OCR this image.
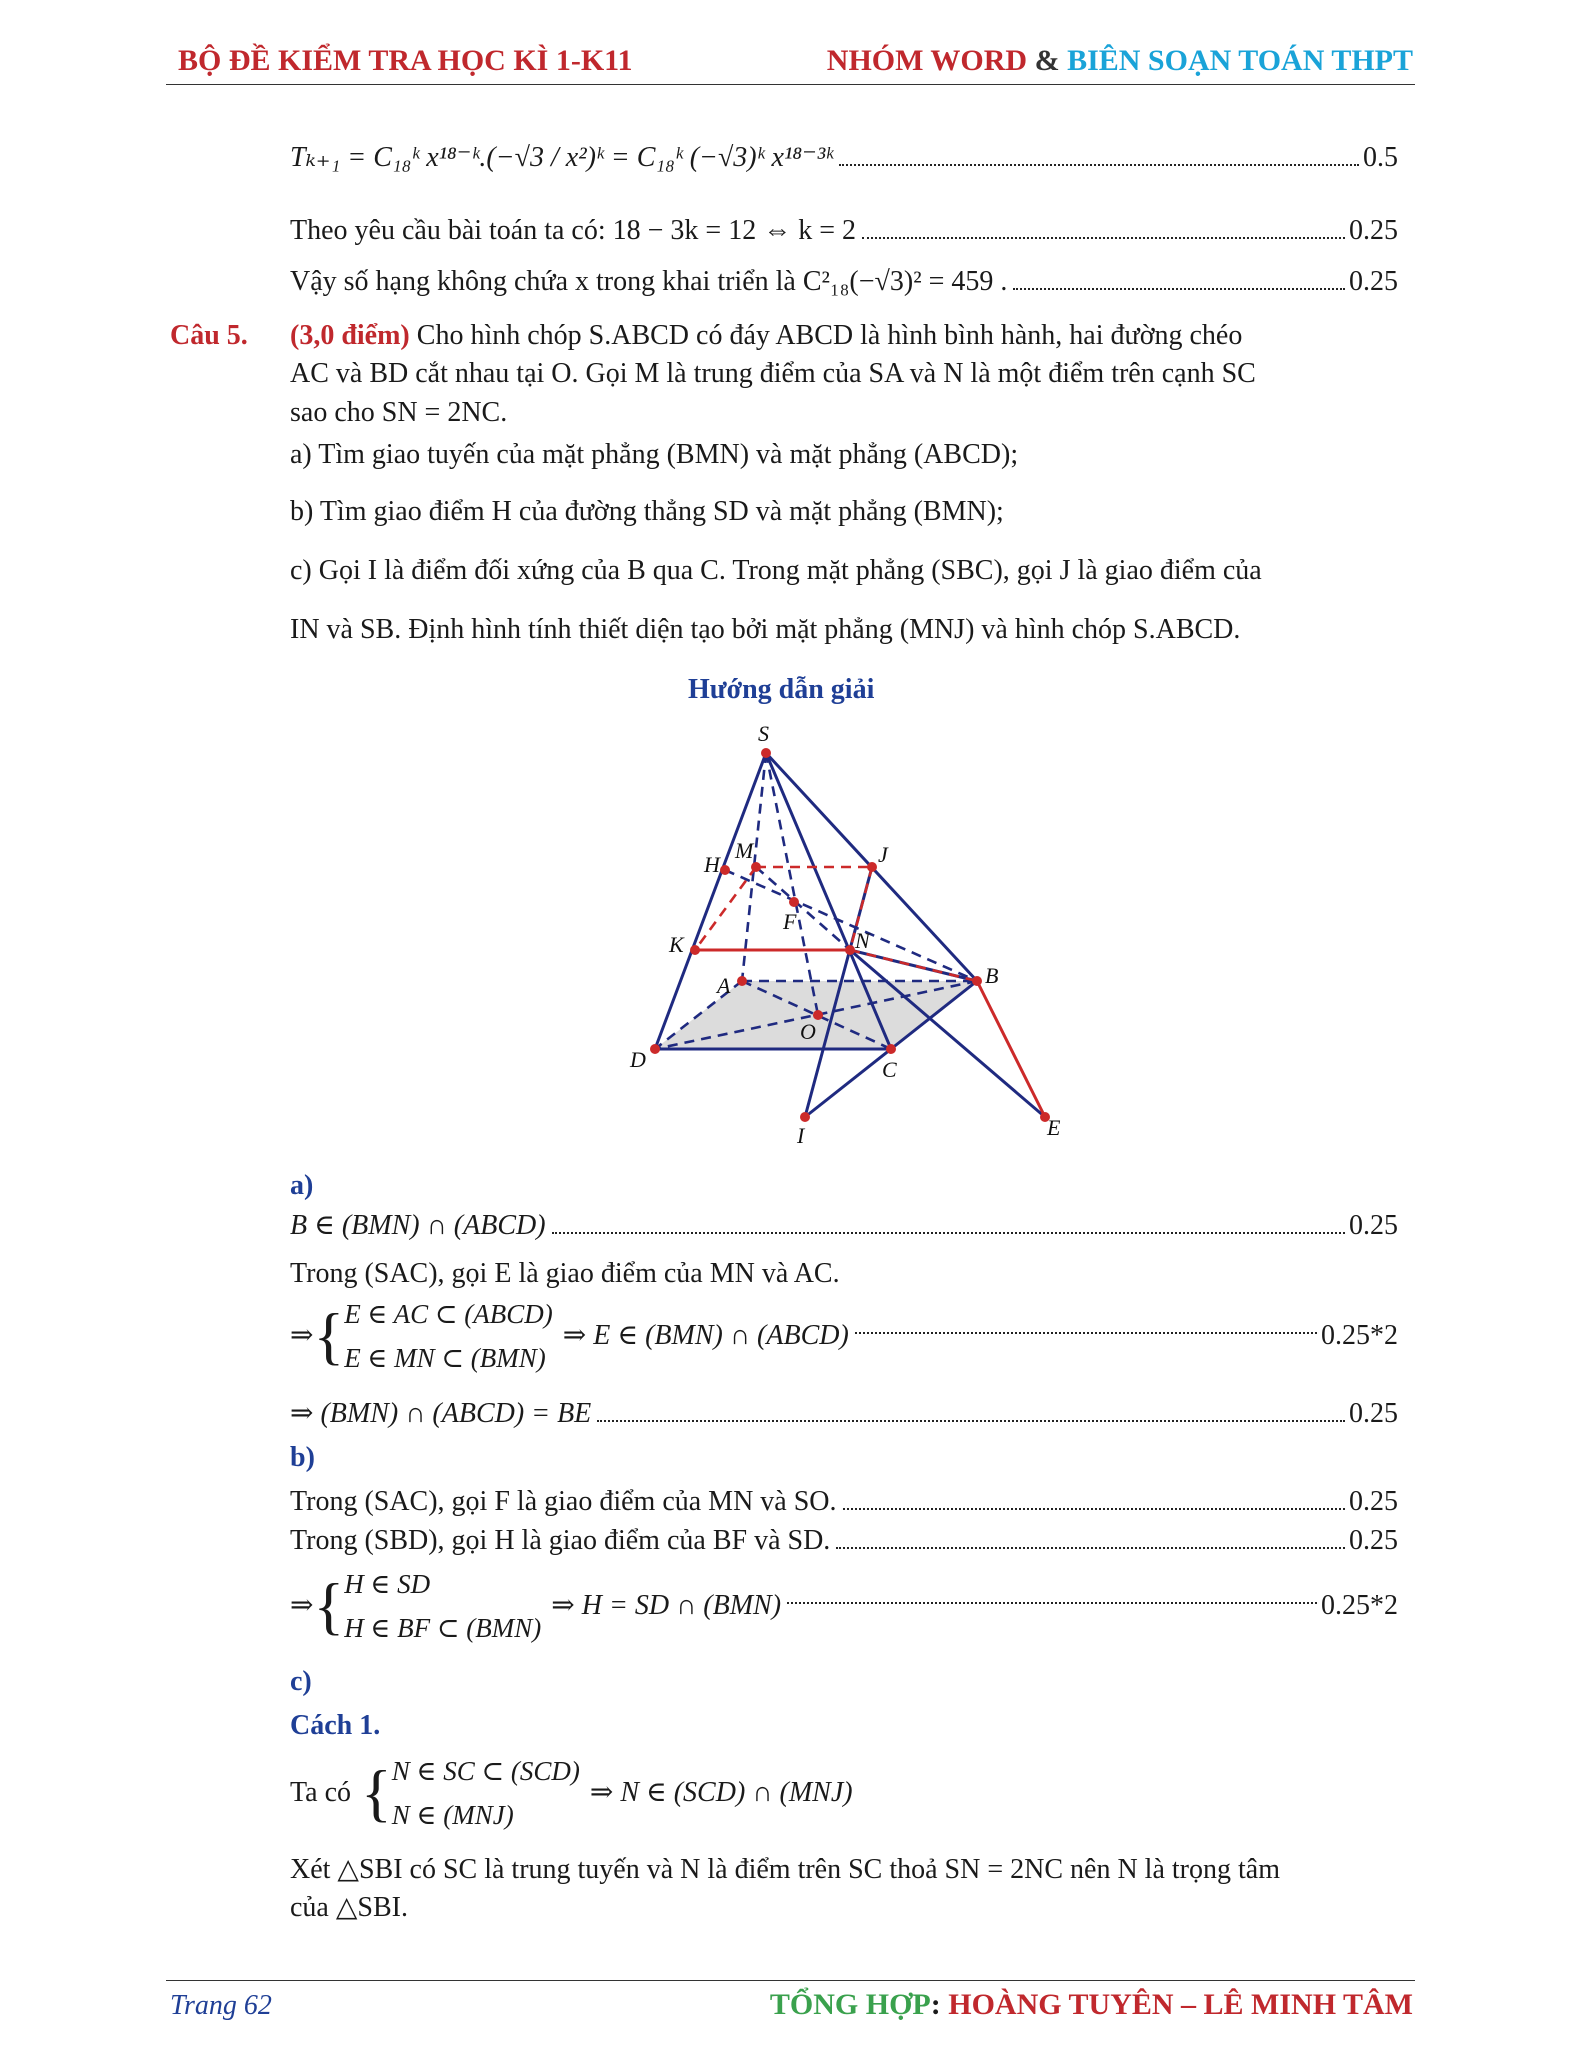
BỘ ĐỀ KIỂM TRA HỌC KÌ 1-K11	NHÓM WORD & BIÊN SOẠN TOÁN THPT
Tₖ₊₁ = C₁₈ᵏ x¹⁸⁻ᵏ.(−√3 / x²)ᵏ = C₁₈ᵏ (−√3)ᵏ x¹⁸⁻³ᵏ	0.5
Theo yêu cầu bài toán ta có: 18 − 3k = 12 ⇔ k = 2	0.25
Vậy số hạng không chứa x trong khai triển là C²₁₈(−√3)² = 459 .	0.25
Câu 5. (3,0 điểm) Cho hình chóp S.ABCD có đáy ABCD là hình bình hành, hai đường chéo
AC và BD cắt nhau tại O. Gọi M là trung điểm của SA và N là một điểm trên cạnh SC
sao cho SN = 2NC.
a) Tìm giao tuyến của mặt phẳng (BMN) và mặt phẳng (ABCD);
b) Tìm giao điểm H của đường thẳng SD và mặt phẳng (BMN);
c) Gọi I là điểm đối xứng của B qua C. Trong mặt phẳng (SBC), gọi J là giao điểm của
IN và SB. Định hình tính thiết diện tạo bởi mặt phẳng (MNJ) và hình chóp S.ABCD.
Hướng dẫn giải
S
H
M	J
F
K	N
A	B
O
D	C
I	E
a)
B ∈ (BMN) ∩ (ABCD)	0.25
Trong (SAC), gọi E là giao điểm của MN và AC.
⇒ { E ∈ AC ⊂ (ABCD)
E ∈ MN ⊂ (BMN)
⇒ E ∈ (BMN) ∩ (ABCD)	0.25*2
⇒ (BMN) ∩ (ABCD) = BE	0.25
b)
Trong (SAC), gọi F là giao điểm của MN và SO.	0.25
Trong (SBD), gọi H là giao điểm của BF và SD.	0.25
⇒ { H ∈ SD
H ∈ BF ⊂ (BMN)
⇒ H = SD ∩ (BMN)	0.25*2
c)
Cách 1.
Ta có { N ∈ SC ⊂ (SCD)
N ∈ (MNJ)
⇒ N ∈ (SCD) ∩ (MNJ)
Xét △SBI có SC là trung tuyến và N là điểm trên SC thoả SN = 2NC nên N là trọng tâm
của △SBI.
Trang 62	TỔNG HỢP: HOÀNG TUYÊN – LÊ MINH TÂM
